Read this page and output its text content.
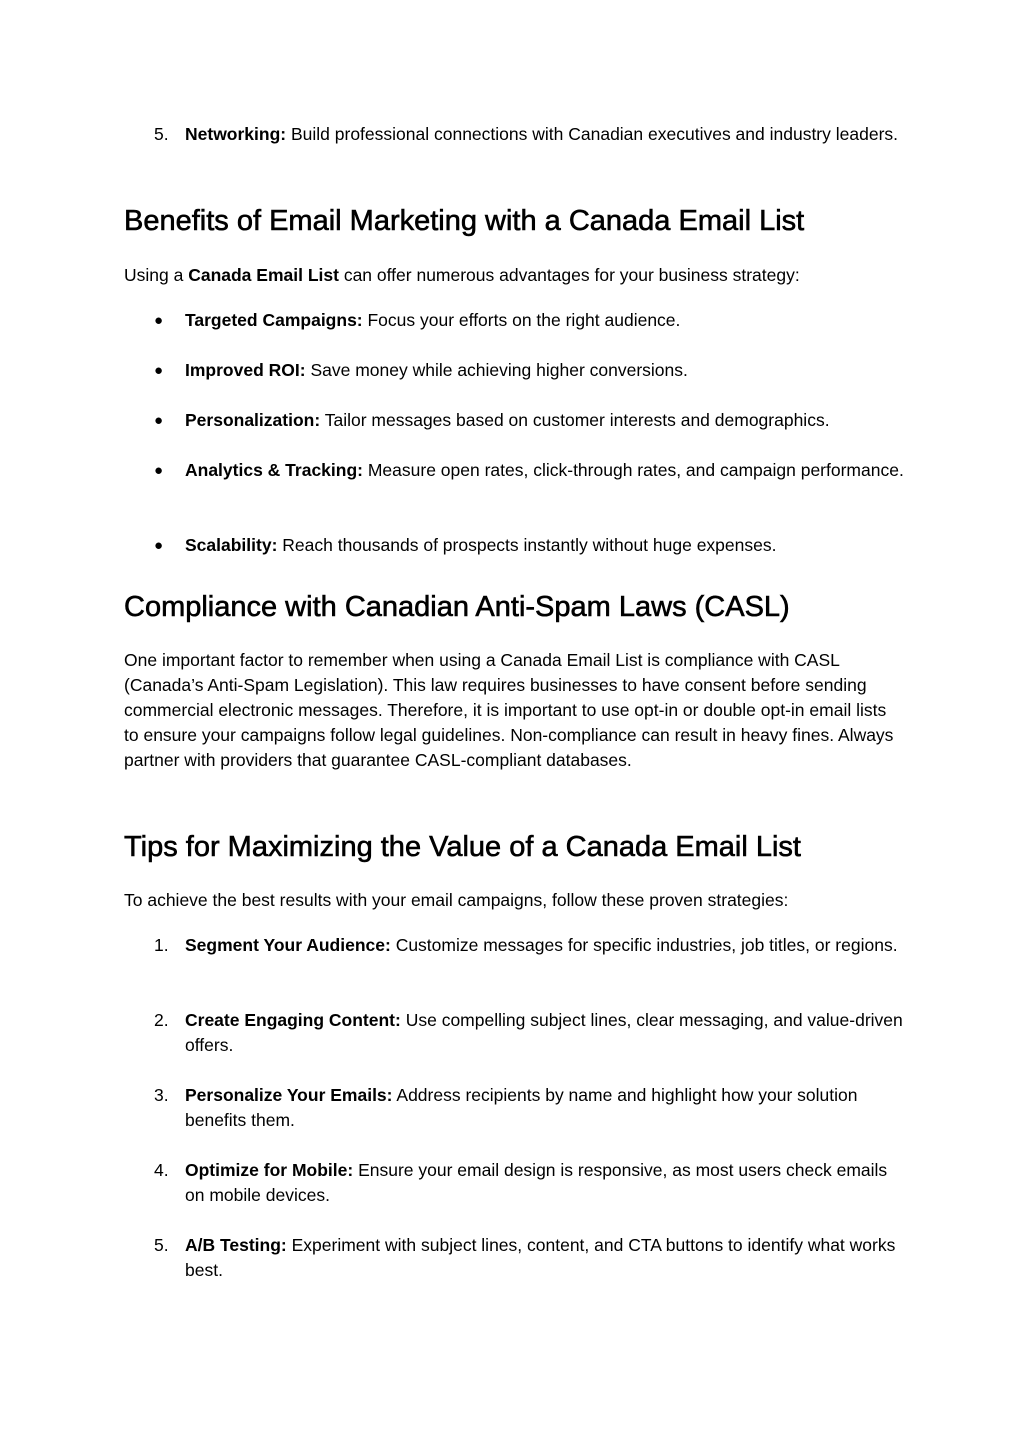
5. Networking: Build professional connections with Canadian executives and industry leaders.
Benefits of Email Marketing with a Canada Email List

Using a Canada Email List can offer numerous advantages for your business strategy:

● Targeted Campaigns: Focus your efforts on the right audience.
● Improved ROI: Save money while achieving higher conversions.
● Personalization: Tailor messages based on customer interests and demographics.
● Analytics & Tracking: Measure open rates, click-through rates, and campaign performance.
● Scalability: Reach thousands of prospects instantly without huge expenses.
Compliance with Canadian Anti-Spam Laws (CASL)

One important factor to remember when using a Canada Email List is compliance with CASL (Canada’s Anti-Spam Legislation). This law requires businesses to have consent before sending commercial electronic messages. Therefore, it is important to use opt-in or double opt-in email lists to ensure your campaigns follow legal guidelines. Non-compliance can result in heavy fines. Always partner with providers that guarantee CASL-compliant databases.

Tips for Maximizing the Value of a Canada Email List

To achieve the best results with your email campaigns, follow these proven strategies:

1. Segment Your Audience: Customize messages for specific industries, job titles, or regions.
2. Create Engaging Content: Use compelling subject lines, clear messaging, and value-driven offers.
3. Personalize Your Emails: Address recipients by name and highlight how your solution benefits them.
4. Optimize for Mobile: Ensure your email design is responsive, as most users check emails on mobile devices.
5. A/B Testing: Experiment with subject lines, content, and CTA buttons to identify what works best.
